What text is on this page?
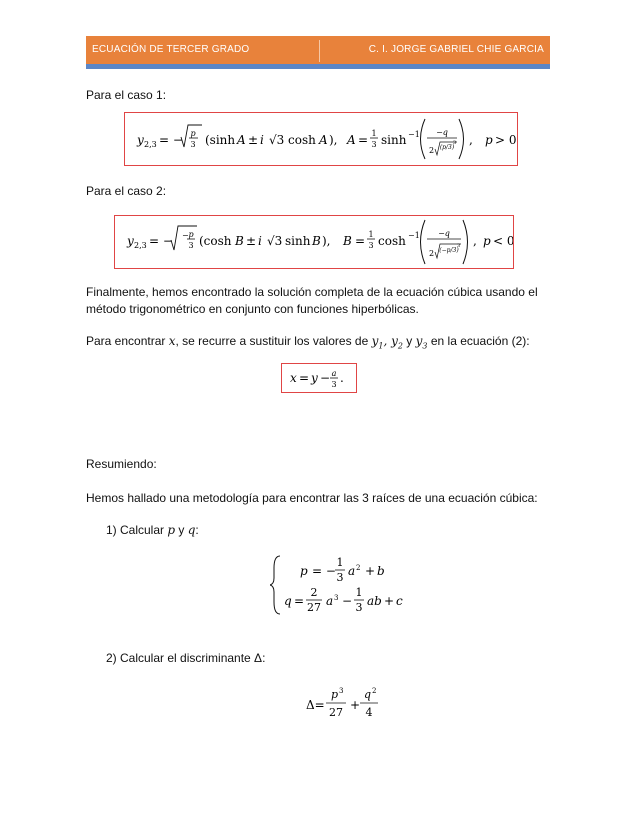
ECUACIÓN DE TERCER GRADO	C. I. JORGE GABRIEL CHIE GARCIA
Para el caso 1:
y 2,3 = − p
3 (sinh A ± i √3 cosh A ), A = 1
3 sinh −1 −q
2 (p/3)
3 , p > 0
Para el caso 2:
y 2,3 = − − p
3 (cosh B ± i √3 sinh B ), B = 1
3 cosh −1 −q
2 (−p/3)
3 , p < 0
Finalmente, hemos encontrado la solución completa de la ecuación cúbica usando el
método trigonométrico en conjunto con funciones hiperbólicas.
Para encontrar x, se recurre a sustituir los valores de $y_1$, $y_2$ y $y_3$ en la ecuación (2):
x = y − a
3 .
Resumiendo:
Hemos hallado una metodología para encontrar las 3 raíces de una ecuación cúbica:
1) Calcular p y q:
p = −
1
3 a 2 + b
q =
2
27 a 3 −
1
3 ab + c
2) Calcular el discriminante Δ:
Δ=
p 3
27
+
q 2
4
